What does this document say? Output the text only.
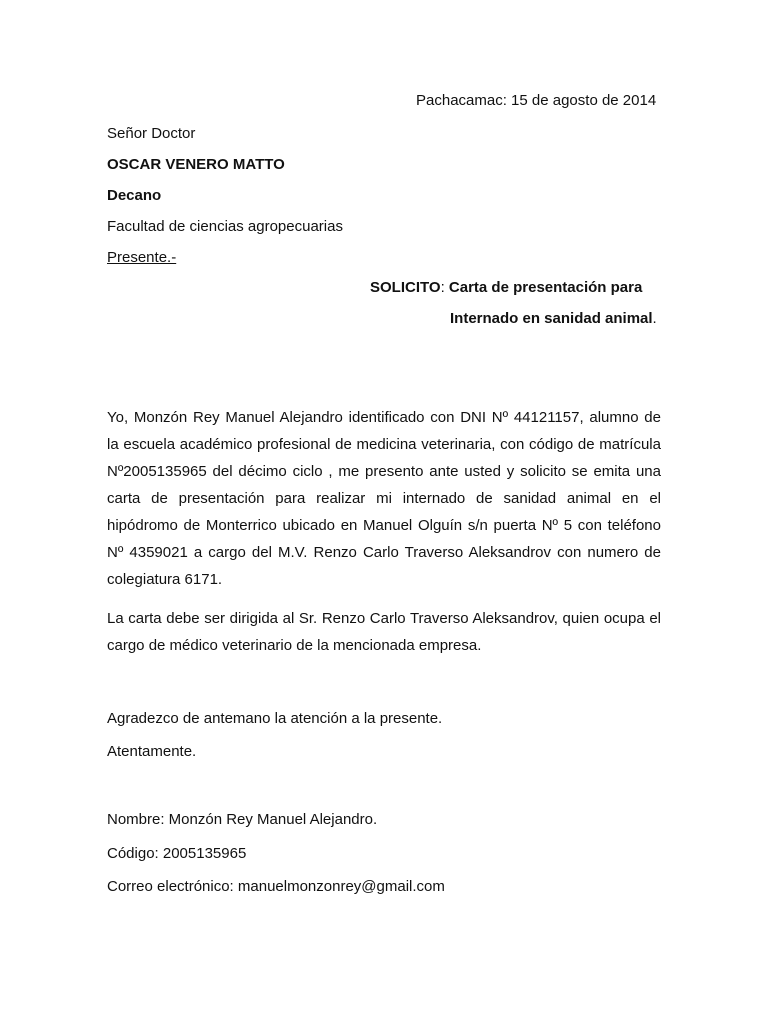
Pachacamac: 15 de agosto de 2014
Señor Doctor
OSCAR VENERO MATTO
Decano
Facultad de ciencias agropecuarias
Presente.-
SOLICITO: Carta de presentación para
Internado en sanidad animal.
Yo, Monzón Rey Manuel Alejandro identificado con DNI Nº 44121157, alumno de
la escuela académico profesional de medicina veterinaria, con código de matrícula
Nº2005135965 del décimo ciclo , me presento ante usted y solicito se emita una
carta de presentación para realizar mi internado de sanidad animal en el
hipódromo de Monterrico ubicado en Manuel Olguín s/n puerta Nº 5 con teléfono
Nº 4359021 a cargo del M.V. Renzo Carlo Traverso Aleksandrov con numero de
colegiatura 6171.
La carta debe ser dirigida al Sr. Renzo Carlo Traverso Aleksandrov, quien ocupa el
cargo de médico veterinario de la mencionada empresa.
Agradezco de antemano la atención a la presente.
Atentamente.
Nombre: Monzón Rey Manuel Alejandro.
Código: 2005135965
Correo electrónico: manuelmonzonrey@gmail.com
